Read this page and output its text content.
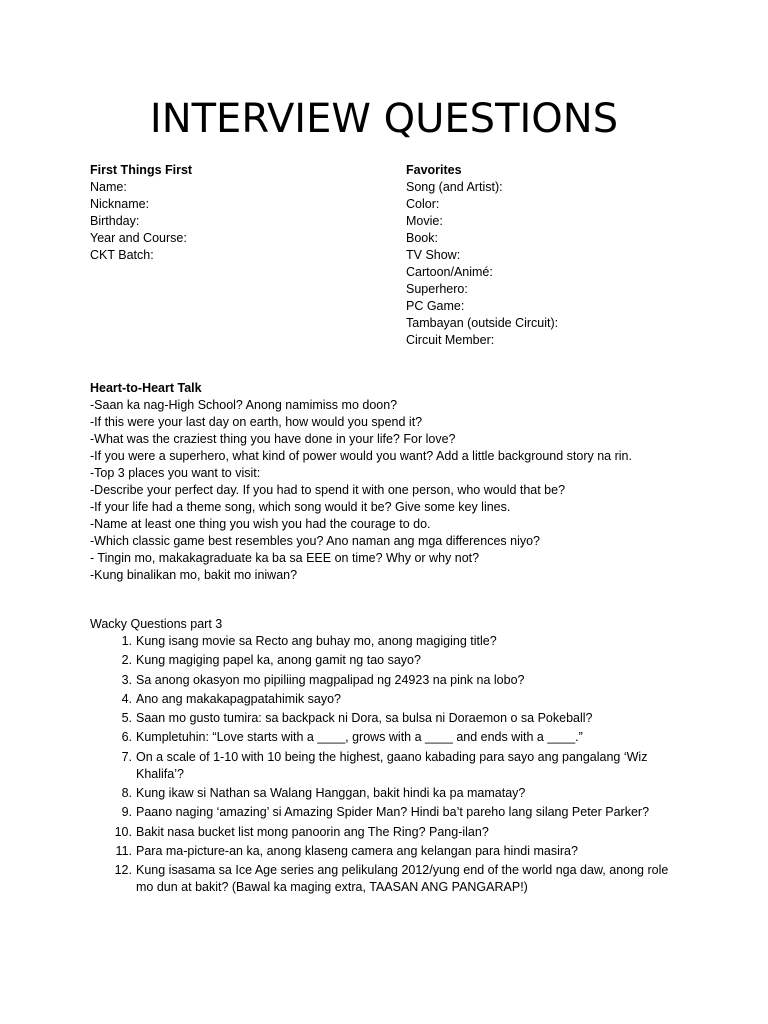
INTERVIEW QUESTIONS
First Things First
Name:
Nickname:
Birthday:
Year and Course:
CKT Batch:
Favorites
Song (and Artist):
Color:
Movie:
Book:
TV Show:
Cartoon/Animé:
Superhero:
PC Game:
Tambayan (outside Circuit):
Circuit Member:
Heart-to-Heart Talk
-Saan ka nag-High School? Anong namimiss mo doon?
-If this were your last day on earth, how would you spend it?
-What was the craziest thing you have done in your life? For love?
-If you were a superhero, what kind of power would you want? Add a little background story na rin.
-Top 3 places you want to visit:
-Describe your perfect day. If you had to spend it with one person, who would that be?
-If your life had a theme song, which song would it be? Give some key lines.
-Name at least one thing you wish you had the courage to do.
-Which classic game best resembles you? Ano naman ang mga differences niyo?
- Tingin mo, makakagraduate ka ba sa EEE on time? Why or why not?
-Kung binalikan mo, bakit mo iniwan?
Wacky Questions part 3
1. Kung isang movie sa Recto ang buhay mo, anong magiging title?
2. Kung magiging papel ka, anong gamit ng tao sayo?
3. Sa anong okasyon mo pipiliing magpalipad ng 24923 na pink na lobo?
4. Ano ang makakapagpatahimik sayo?
5. Saan mo gusto tumira: sa backpack ni Dora, sa bulsa ni Doraemon o sa Pokeball?
6. Kumpletuhin: “Love starts with a ____, grows with a ____ and ends with a ____.”
7. On a scale of 1-10 with 10 being the highest, gaano kabading para sayo ang pangalang ‘Wiz
Khalifa’?
8. Kung ikaw si Nathan sa Walang Hanggan, bakit hindi ka pa mamatay?
9. Paano naging ‘amazing’ si Amazing Spider Man? Hindi ba’t pareho lang silang Peter Parker?
10. Bakit nasa bucket list mong panoorin ang The Ring? Pang-ilan?
11. Para ma-picture-an ka, anong klaseng camera ang kelangan para hindi masira?
12. Kung isasama sa Ice Age series ang pelikulang 2012/yung end of the world nga daw, anong role
mo dun at bakit? (Bawal ka maging extra, TAASAN ANG PANGARAP!)
